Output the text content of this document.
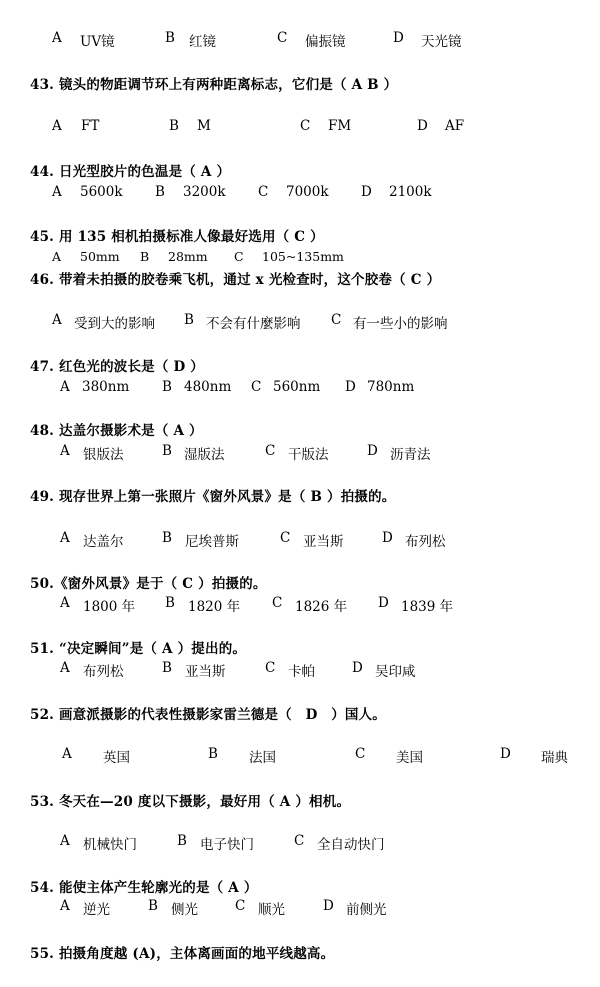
A UV镜	B 红镜	C 偏振镜	D 天光镜
43. 镜头的物距调节环上有两种距离标志，它们是（ A B ）
A FT	B M	C FM	D AF
44. 日光型胶片的色温是（ A ）
A 5600k B 3200k C 7000k D 2100k
45. 用 135 相机拍摄标准人像最好选用（ C ）
A 50mm B 28mm C 105~135mm
46. 带着未拍摄的胶卷乘飞机，通过 x 光检查时，这个胶卷（ C ）
A 受到大的影响 B 不会有什麼影响 C 有一些小的影响
47. 红色光的波长是（ D ）
A 380nm B 480nm C 560nm D 780nm
48. 达盖尔摄影术是（ A ）
A 银版法	B 湿版法	C 干版法	D 沥青法
49. 现存世界上第一张照片《窗外风景》是（ B ）拍摄的。
A 达盖尔	B 尼埃普斯	C 亚当斯	D 布列松
50.《窗外风景》是于（ C ）拍摄的。
A 1800 年 B 1820 年 C 1826 年 D 1839 年
51. “决定瞬间”是（ A ）提出的。
A 布列松	B 亚当斯	C 卡帕	D 吴印咸
52. 画意派摄影的代表性摄影家雷兰德是（　D　）国人。
A 英国	B 法国	C 美国	D 瑞典
53. 冬天在—20 度以下摄影，最好用（ A ）相机。
A 机械快门	B 电子快门	C 全自动快门
54. 能使主体产生轮廓光的是（ A ）
A 逆光	B 侧光	C 顺光	D 前侧光
55. 拍摄角度越 (A)，主体离画面的地平线越高。
